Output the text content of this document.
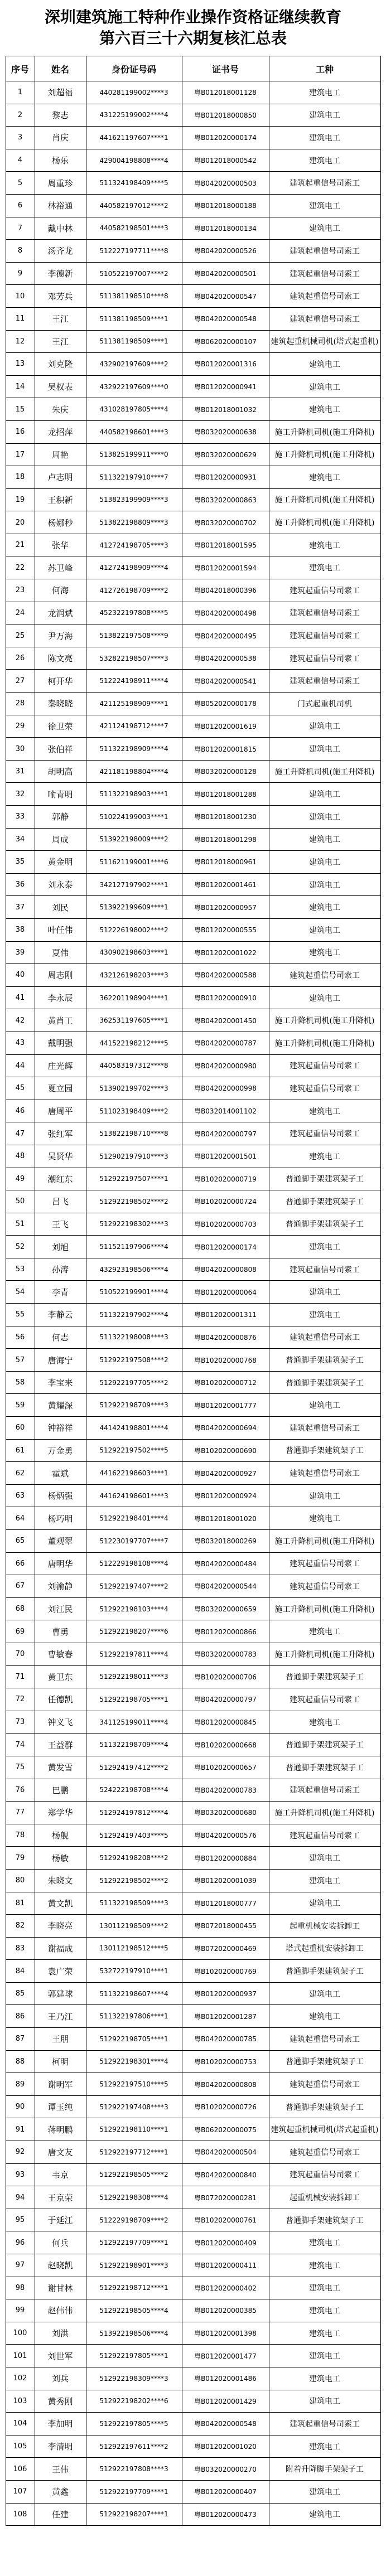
深圳建筑施工特种作业操作资格证继续教育
第六百三十六期复核汇总表
序号	姓名	身份证号码	证书号	工种
1	刘超福	440281199002****3	粤B012018001128	建筑电工
2	黎志	431225199002****4	粤B012018000850	建筑电工
3	肖庆	441621197607****1	粤B012020000174	建筑电工
4	杨乐	429004198808****4	粤B012018000542	建筑电工
5	周重珍	511324198409****5	粤B042020000503	建筑起重信号司索工
6	林裕通	440582197012****2	粤B012018000188	建筑电工
7	戴中林	440582198501****3	粤B012018000134	建筑电工
8	汤齐龙	512227197711****8	粤B042020000526	建筑起重信号司索工
9	李德新	510522197007****2	粤B042020000501	建筑起重信号司索工
10	邓芳兵	511381198510****8	粤B042020000547	建筑起重信号司索工
11	王江	511381198509****1	粤B042020000548	建筑起重信号司索工
12	王江	511381198509****1	粤B062020000107	建筑起重机械司机(塔式起重机)
13	刘克隆	432902197609****2	粤B012020001316	建筑电工
14	吴权表	432922197609****0	粤B012020000941	建筑电工
15	朱庆	431028197805****4	粤B012018001032	建筑电工
16	龙招萍	440582198601****3	粤B032020000638	施工升降机司机(施工升降机)
17	周艳	513825199911****0	粤B032020000629	施工升降机司机(施工升降机)
18	卢志明	511322197910****7	粤B012020000931	建筑电工
19	王积新	513823199909****3	粤B032020000863	施工升降机司机(施工升降机)
20	杨娜秒	513822198809****3	粤B032020000702	施工升降机司机(施工升降机)
21	张华	412724198705****3	粤B012018001595	建筑电工
22	苏卫峰	412724198909****4	粤B012020001594	建筑电工
23	何海	412726198709****2	粤B042018000396	建筑起重信号司索工
24	龙润斌	452322197808****5	粤B042020000498	建筑起重信号司索工
25	尹万海	513822197508****9	粤B042020000495	建筑起重信号司索工
26	陈文亮	532822198507****3	粤B042020000538	建筑起重信号司索工
27	柯开华	512224198911****4	粤B042020000541	建筑起重信号司索工
28	秦晓晓	421125198909****1	粤B052020000178	门式起重机司机
29	徐卫荣	421124198712****7	粤B012020001619	建筑电工
30	张伯祥	511322198909****4	粤B012020001815	建筑电工
31	胡明高	421181198804****4	粤B032020000128	施工升降机司机(施工升降机)
32	喻青明	511322198903****1	粤B012018001288	建筑电工
33	郭静	510224199003****1	粤B012018001230	建筑电工
34	周成	513922198009****2	粤B012018001298	建筑电工
35	黄金明	511621199001****6	粤B012018000961	建筑电工
36	刘永泰	342127197902****1	粤B012020001461	建筑电工
37	刘民	513922199609****1	粤B012020000957	建筑电工
38	叶任伟	512226198002****2	粤B012020000555	建筑电工
39	夏伟	430902198603****1	粤B012020001022	建筑电工
40	周志刚	432126198203****3	粤B042020000588	建筑起重信号司索工
41	李永辰	362201198904****1	粤B012020000910	建筑电工
42	黄肖工	362531197605****1	粤B042020001450	施工升降机司机(施工升降机)
43	戴明强	441522198212****5	粤B042020000787	施工升降机司机(施工升降机)
44	庄光辉	440583197312****8	粤B042020000980	建筑起重信号司索工
45	夏立园	513902199702****3	粤B042020000998	建筑起重信号司索工
46	唐周平	511023198409****2	粤B032014001102	建筑电工
47	张红军	513822198710****8	粤B042020000797	建筑起重信号司索工
48	吴贤华	512902197910****3	粤B012020001501	建筑电工
49	潮红东	512922197507****1	粤B102020000719	普通脚手架建筑架子工
50	吕飞	512922198502****2	粤B102020000724	普通脚手架建筑架子工
51	王飞	512922198302****3	粤B102020000703	普通脚手架建筑架子工
52	刘旭	511521197906****4	粤B012020000174	建筑电工
53	孙涛	432923198506****4	粤B042020000808	建筑起重信号司索工
54	李青	510522199901****4	粤B012020000064	建筑电工
55	李静云	511322197902****4	粤B012020001311	建筑电工
56	何志	511322198008****3	粤B042020000876	建筑起重信号司索工
57	唐海宁	512922197508****2	粤B102020000768	普通脚手架建筑架子工
58	李宝来	512922197705****2	粤B102020000712	普通脚手架建筑架子工
59	黄耀深	512922198709****3	粤B012020001777	建筑电工
60	钟裕祥	441424198801****4	粤B042020000694	建筑起重信号司索工
61	万金勇	512922197502****5	粤B102020000690	普通脚手架建筑架子工
62	霍斌	441622198603****1	粤B042020000927	建筑起重信号司索工
63	杨炳强	441624198601****3	粤B012020000924	建筑电工
64	杨巧明	512922198401****4	粤B012018001020	建筑电工
65	董观翠	512230197707****7	粤B032018000269	施工升降机司机(施工升降机)
66	唐明华	512229198108****4	粤B042020000484	建筑起重信号司索工
67	刘渝静	512922197407****2	粤B042020000544	建筑起重信号司索工
68	刘江民	512922198103****4	粤B032020000659	施工升降机司机(施工升降机)
69	曹勇	512922198207****6	粤B012020000866	建筑电工
70	曹敏春	512922197811****4	粤B032020000783	施工升降机司机(施工升降机)
71	黄卫东	512922198011****3	粤B102020000706	普通脚手架建筑架子工
72	任德凯	512922198705****1	粤B042020000797	建筑起重信号司索工
73	钟义飞	341125199011****4	粤B012020000845	建筑电工
74	王益群	511322198709****4	粤B102020000668	普通脚手架建筑架子工
75	黄发雪	512924197412****2	粤B102020000657	普通脚手架建筑架子工
76	巴鹏	524222198708****4	粤B042020000783	建筑起重信号司索工
77	郑学华	512924197812****4	粤B032020000680	施工升降机司机(施工升降机)
78	杨舰	512924197403****5	粤B042020000576	建筑起重信号司索工
79	杨敏	512924198208****2	粤B012020000884	建筑电工
80	朱晓文	512922198502****2	粤B012020001039	建筑电工
81	黄文凯	511322198509****3	粤B012018000777	建筑电工
82	李晓亮	130112198509****2	粤B072018000455	起重机械安装拆卸工
83	谢福成	130112198512****5	粤B072020000469	塔式起重机安装拆卸工
84	袁广荣	532722197910****1	粤B102020000769	普通脚手架建筑架子工
85	郭建球	511322198607****4	粤B012020000937	建筑电工
86	王乃江	511322197806****1	粤B012020001287	建筑电工
87	王朋	512922198705****1	粤B042020000785	建筑起重信号司索工
88	柯明	512922198301****4	粤B102020000753	普通脚手架建筑架子工
89	谢明军	512922197510****5	粤B042020000808	建筑起重信号司索工
90	谭玉纯	512922197408****3	粤B102020000726	普通脚手架建筑架子工
91	蒋明鹏	512922198110****1	粤B062020000075	建筑起重机械司机(塔式起重机)
92	唐文友	512922197712****1	粤B042020000504	建筑起重信号司索工
93	韦京	512922198505****2	粤B042020000840	建筑起重信号司索工
94	王京荣	512922198308****4	粤B072020000281	起重机械安装拆卸工
95	于延江	512229198709****2	粤B102020000761	普通脚手架建筑架子工
96	何兵	512922197709****1	粤B012020000409	建筑电工
97	赵晓凯	512922198901****3	粤B012020000411	建筑电工
98	谢甘林	512922198712****1	粤B012020000402	建筑电工
99	赵伟伟	512922198505****4	粤B012020000385	建筑电工
100	刘洪	513922198506****4	粤B012020001398	建筑电工
101	刘世军	512922197805****1	粤B012020001477	建筑电工
102	刘兵	512922198309****3	粤B012020001486	建筑电工
103	黄秀刚	512922198202****6	粤B012020001429	建筑电工
104	李加明	512922197805****5	粤B042020000548	建筑起重信号司索工
105	李清明	512922197611****2	粤B012020001020	建筑电工
106	王伟	512922197808****3	粤B032020000270	附着升降脚手架架子工
107	黄鑫	512922197709****1	粤B012020000407	建筑电工
108	任建	512922198207****1	粤B012020000473	建筑电工
